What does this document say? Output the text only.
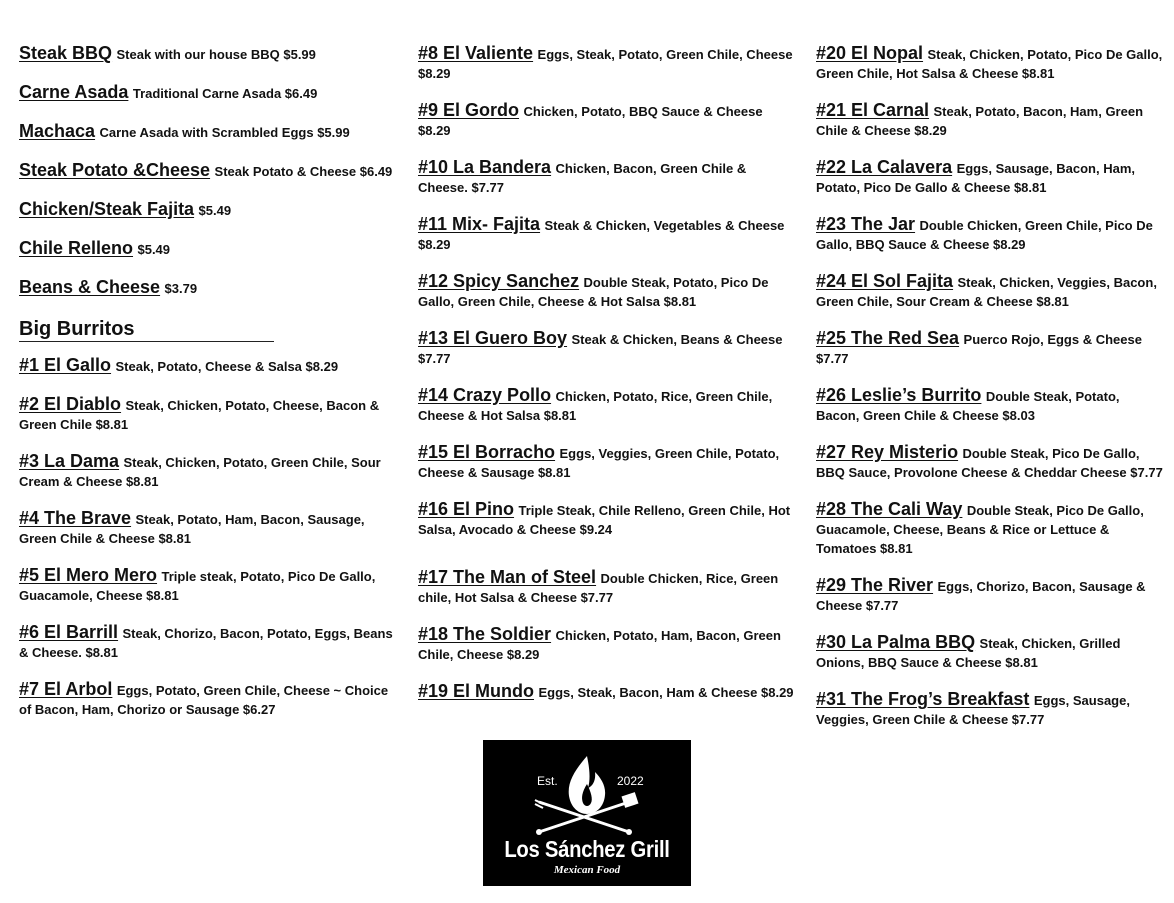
Steak BBQ Steak with our house BBQ $5.99
Carne Asada Traditional Carne Asada $6.49
Machaca Carne Asada with Scrambled Eggs $5.99
Steak Potato &Cheese Steak Potato & Cheese $6.49
Chicken/Steak Fajita $5.49
Chile Relleno $5.49
Beans & Cheese $3.79
Big Burritos
#1 El Gallo Steak, Potato, Cheese & Salsa $8.29
#2 El Diablo Steak, Chicken, Potato, Cheese, Bacon & Green Chile $8.81
#3 La Dama Steak, Chicken, Potato, Green Chile, Sour Cream & Cheese $8.81
#4 The Brave Steak, Potato, Ham, Bacon, Sausage, Green Chile & Cheese $8.81
#5 El Mero Mero Triple steak, Potato, Pico De Gallo, Guacamole, Cheese $8.81
#6 El Barrill Steak, Chorizo, Bacon, Potato, Eggs, Beans & Cheese. $8.81
#7 El Arbol Eggs, Potato, Green Chile, Cheese ~ Choice of Bacon, Ham, Chorizo or Sausage $6.27
#8 El Valiente Eggs, Steak, Potato, Green Chile, Cheese $8.29
#9 El Gordo Chicken, Potato, BBQ Sauce & Cheese $8.29
#10 La Bandera Chicken, Bacon, Green Chile & Cheese. $7.77
#11 Mix- Fajita Steak & Chicken, Vegetables & Cheese $8.29
#12 Spicy Sanchez Double Steak, Potato, Pico De Gallo, Green Chile, Cheese & Hot Salsa $8.81
#13 El Guero Boy Steak & Chicken, Beans & Cheese $7.77
#14 Crazy Pollo Chicken, Potato, Rice, Green Chile, Cheese & Hot Salsa $8.81
#15 El Borracho Eggs, Veggies, Green Chile, Potato, Cheese & Sausage $8.81
#16 El Pino Triple Steak, Chile Relleno, Green Chile, Hot Salsa, Avocado & Cheese $9.24
#17 The Man of Steel Double Chicken, Rice, Green chile, Hot Salsa & Cheese $7.77
#18 The Soldier Chicken, Potato, Ham, Bacon, Green Chile, Cheese $8.29
#19 El Mundo Eggs, Steak, Bacon, Ham & Cheese $8.29
#20 El Nopal Steak, Chicken, Potato, Pico De Gallo, Green Chile, Hot Salsa & Cheese $8.81
#21 El Carnal Steak, Potato, Bacon, Ham, Green Chile & Cheese $8.29
#22 La Calavera Eggs, Sausage, Bacon, Ham, Potato, Pico De Gallo & Cheese $8.81
#23 The Jar Double Chicken, Green Chile, Pico De Gallo, BBQ Sauce & Cheese $8.29
#24 El Sol Fajita Steak, Chicken, Veggies, Bacon, Green Chile, Sour Cream & Cheese $8.81
#25 The Red Sea Puerco Rojo, Eggs & Cheese $7.77
#26 Leslie’s Burrito Double Steak, Potato, Bacon, Green Chile & Cheese $8.03
#27 Rey Misterio Double Steak, Pico De Gallo, BBQ Sauce, Provolone Cheese & Cheddar Cheese $7.77
#28 The Cali Way Double Steak, Pico De Gallo, Guacamole, Cheese, Beans & Rice or Lettuce & Tomatoes $8.81
#29 The River Eggs, Chorizo, Bacon, Sausage & Cheese $7.77
#30 La Palma BBQ Steak, Chicken, Grilled Onions, BBQ Sauce & Cheese $8.81
#31 The Frog’s Breakfast Eggs, Sausage, Veggies, Green Chile & Cheese $7.77
Est.	2022
Los Sánchez Grill
Mexican Food
